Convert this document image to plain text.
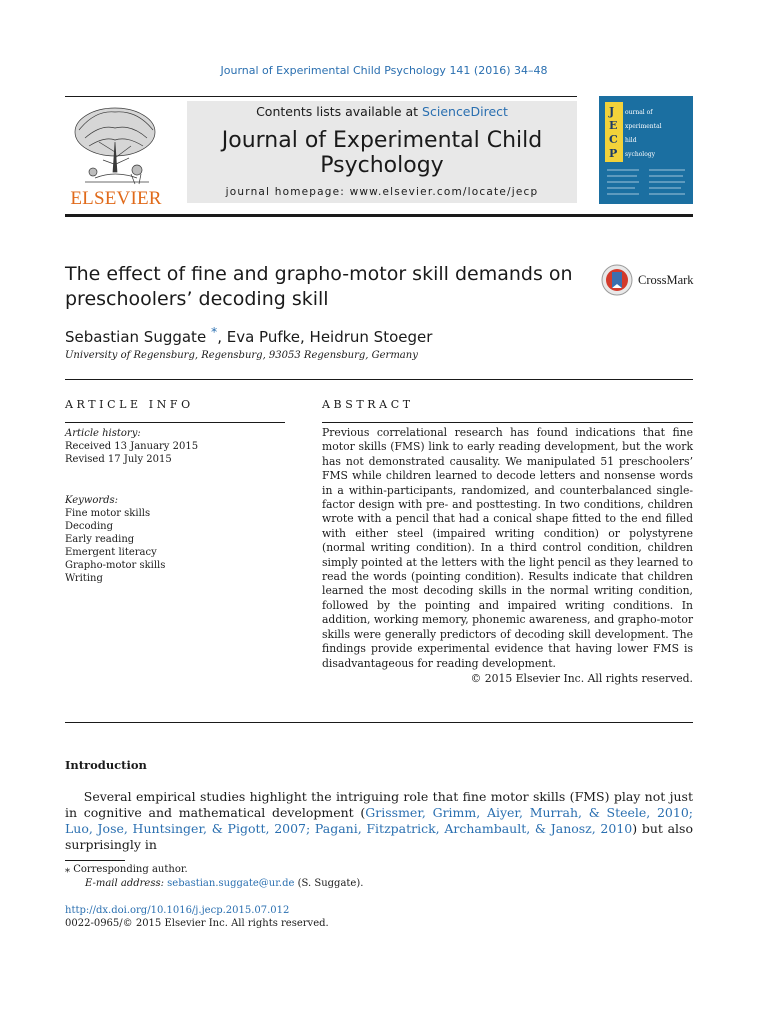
Journal of Experimental Child Psychology 141 (2016) 34–48
ELSEVIER
Contents lists available at ScienceDirect
Journal of Experimental Child Psychology
journal homepage: www.elsevier.com/locate/jecp
J
E
C
P
ournal of
xperimental
hild
sychology
The effect of fine and grapho-motor skill demands on preschoolers’ decoding skill
CrossMark
Sebastian Suggate *, Eva Pufke, Heidrun Stoeger
University of Regensburg, Regensburg, 93053 Regensburg, Germany
ARTICLE INFO	ABSTRACT
Article history:
Received 13 January 2015
Revised 17 July 2015
Keywords:
Fine motor skills
Decoding
Early reading
Emergent literacy
Grapho-motor skills
Writing
Previous correlational research has found indications that fine motor skills (FMS) link to early reading development, but the work has not demonstrated causality. We manipulated 51 preschoolers’ FMS while children learned to decode letters and nonsense words in a within-participants, randomized, and counterbalanced single-factor design with pre- and posttesting. In two conditions, children wrote with a pencil that had a conical shape fitted to the end filled with either steel (impaired writing condition) or polystyrene (normal writing condition). In a third control condition, children simply pointed at the letters with the light pencil as they learned to read the words (pointing condition). Results indicate that children learned the most decoding skills in the normal writing condition, followed by the pointing and impaired writing conditions. In addition, working memory, phonemic awareness, and grapho-motor skills were generally predictors of decoding skill development. The findings provide experimental evidence that having lower FMS is disadvantageous for reading development.
© 2015 Elsevier Inc. All rights reserved.
Introduction
  Several empirical studies highlight the intriguing role that fine motor skills (FMS) play not just in cognitive and mathematical development (Grissmer, Grimm, Aiyer, Murrah, & Steele, 2010; Luo, Jose, Huntsinger, & Pigott, 2007; Pagani, Fitzpatrick, Archambault, & Janosz, 2010) but also surprisingly in
⁎ Corresponding author.
E-mail address: sebastian.suggate@ur.de (S. Suggate).
http://dx.doi.org/10.1016/j.jecp.2015.07.012
0022-0965/© 2015 Elsevier Inc. All rights reserved.
